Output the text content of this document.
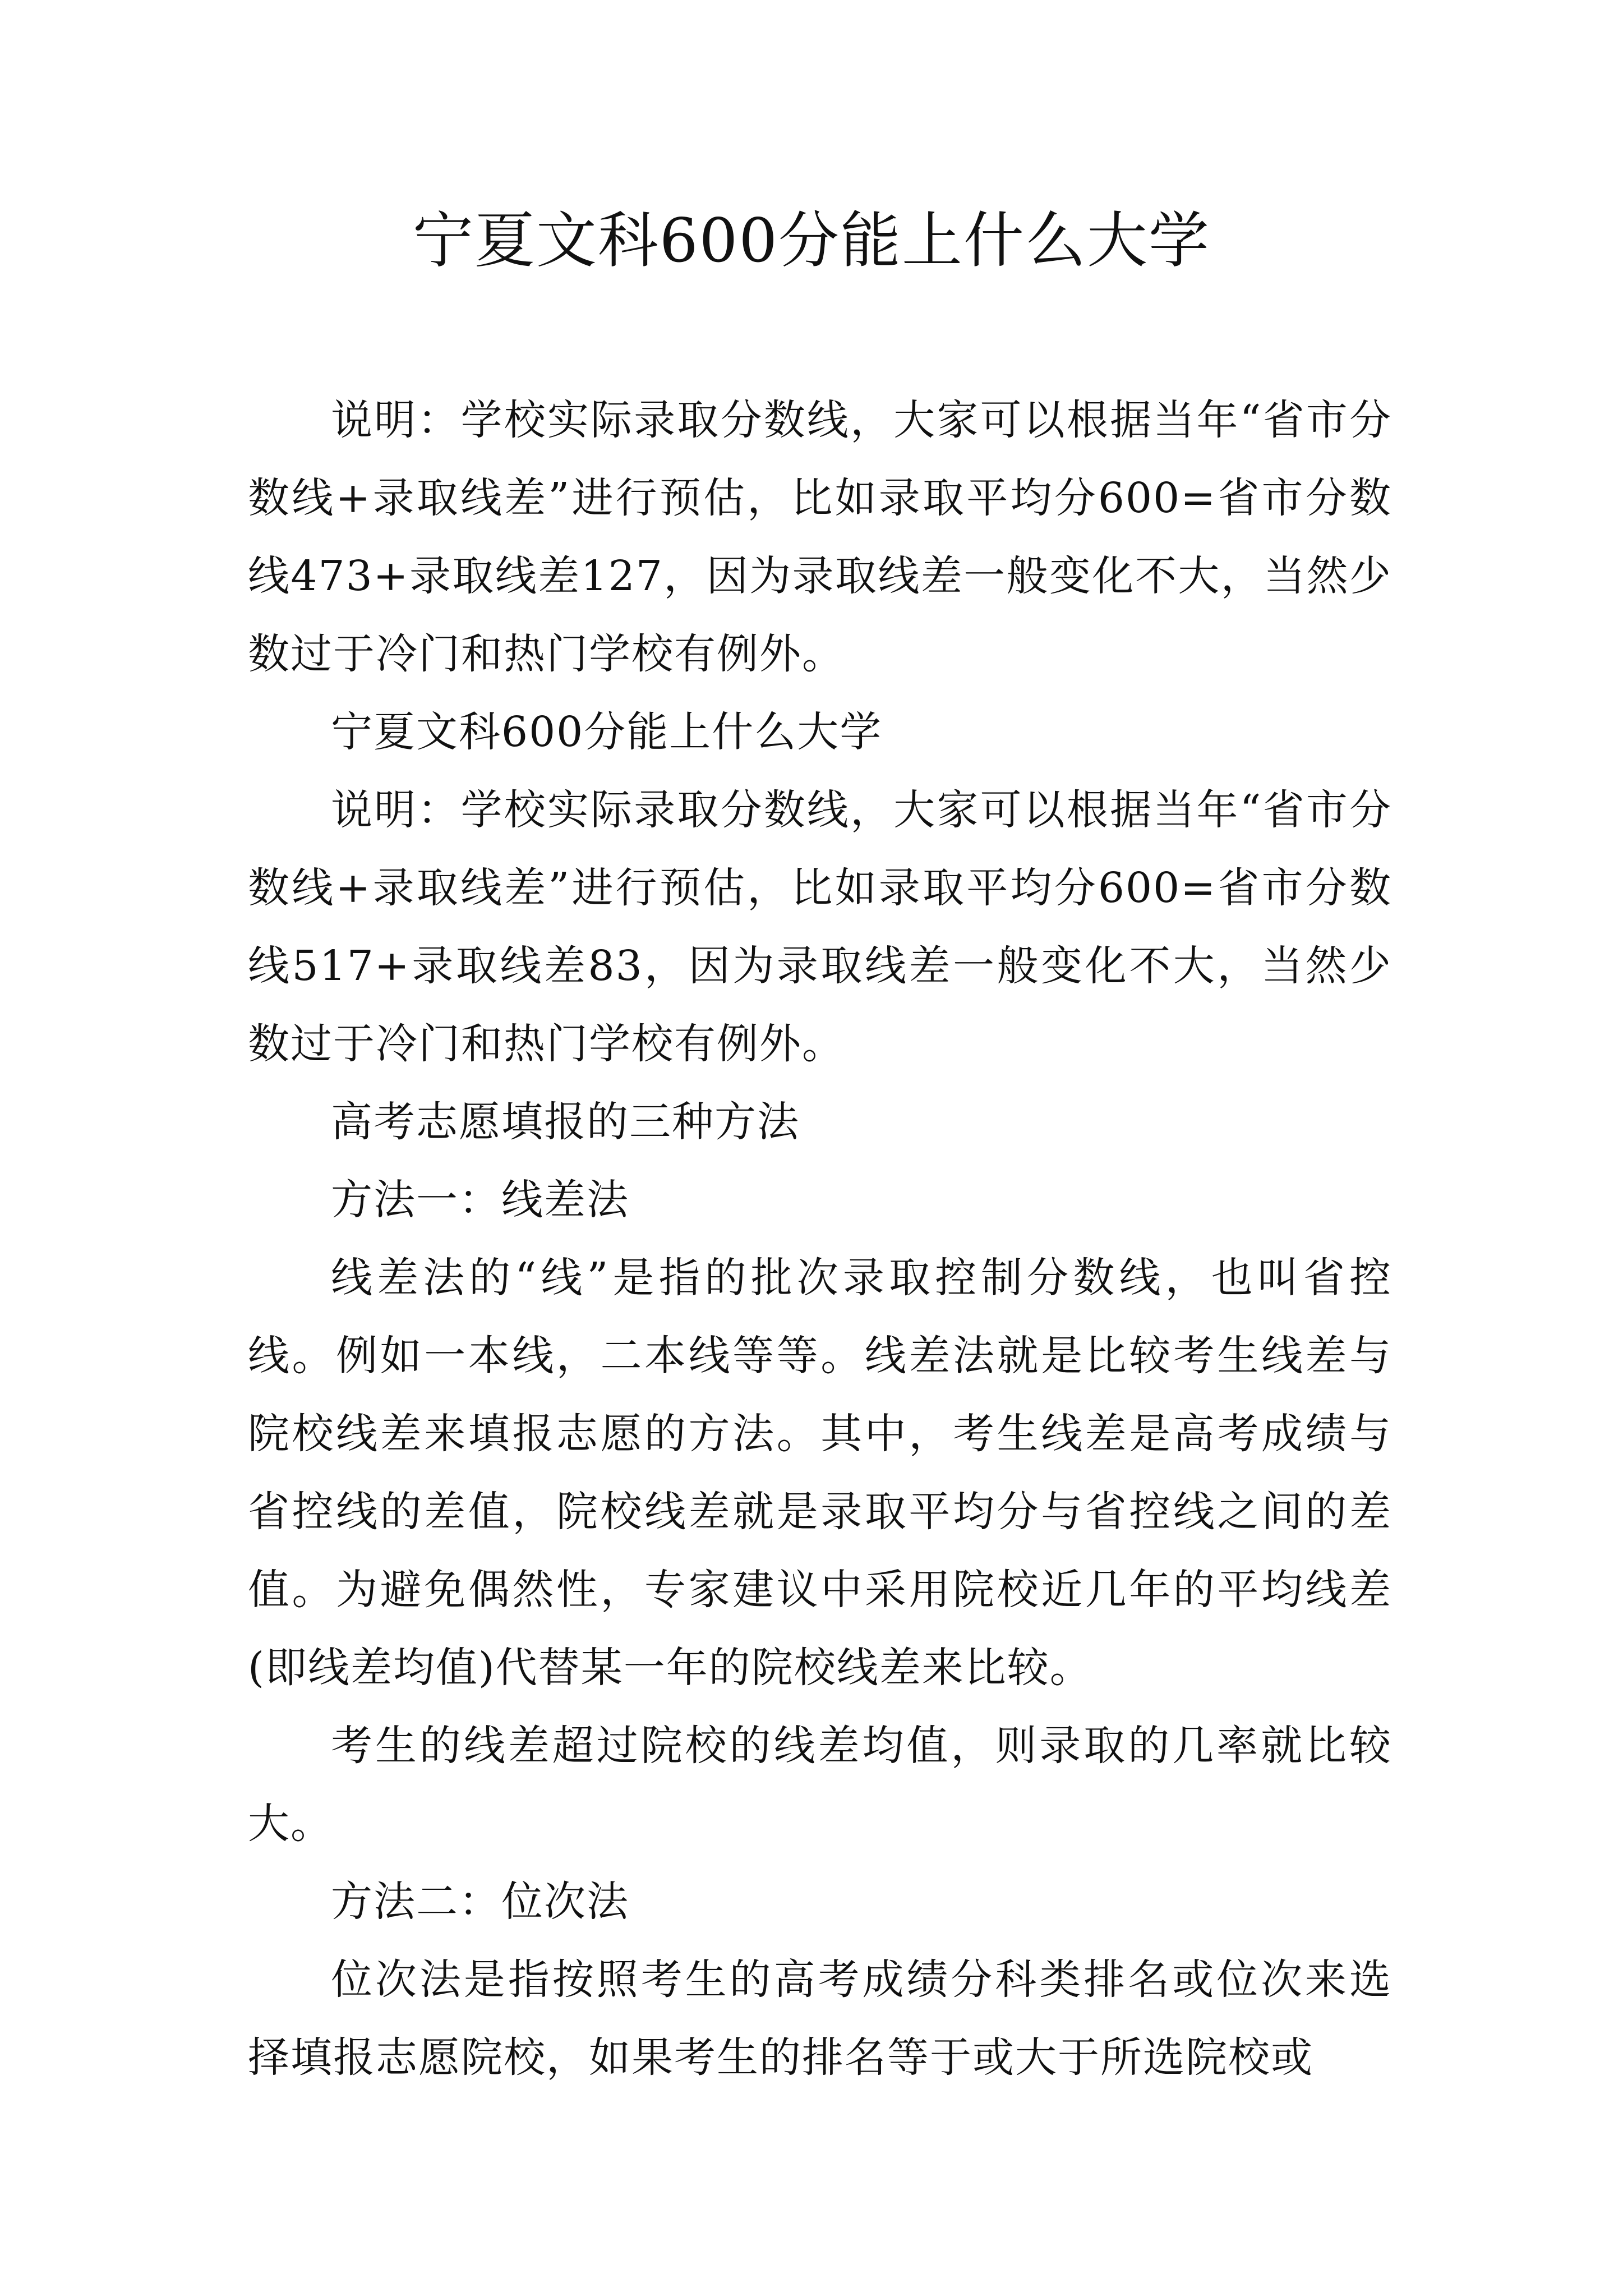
宁夏文科600分能上什么大学

说明：学校实际录取分数线，大家可以根据当年“省市分数线+录取线差”进行预估，比如录取平均分600=省市分数线473+录取线差127，因为录取线差一般变化不大，当然少数过于冷门和热门学校有例外。

宁夏文科600分能上什么大学

说明：学校实际录取分数线，大家可以根据当年“省市分数线+录取线差”进行预估，比如录取平均分600=省市分数线517+录取线差83，因为录取线差一般变化不大，当然少数过于冷门和热门学校有例外。

高考志愿填报的三种方法

方法一：线差法

线差法的“线”是指的批次录取控制分数线，也叫省控线。例如一本线，二本线等等。线差法就是比较考生线差与院校线差来填报志愿的方法。其中，考生线差是高考成绩与省控线的差值，院校线差就是录取平均分与省控线之间的差值。为避免偶然性，专家建议中采用院校近几年的平均线差(即线差均值)代替某一年的院校线差来比较。

考生的线差超过院校的线差均值，则录取的几率就比较大。

方法二：位次法

位次法是指按照考生的高考成绩分科类排名或位次来选择填报志愿院校，如果考生的排名等于或大于所选院校或
